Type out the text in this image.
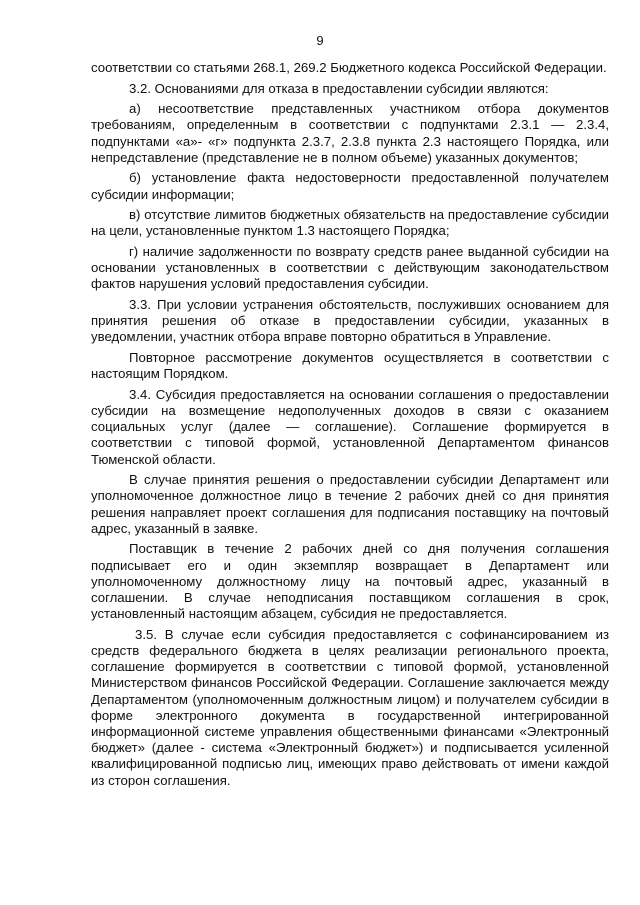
9

соответствии со статьями 268.1, 269.2 Бюджетного кодекса Российской Федерации.

3.2. Основаниями для отказа в предоставлении субсидии являются:

а) несоответствие представленных участником отбора документов требованиям, определенным в соответствии с подпунктами 2.3.1 — 2.3.4, подпунктами «а»- «г» подпункта 2.3.7, 2.3.8 пункта 2.3 настоящего Порядка, или непредставление (представление не в полном объеме) указанных документов;

б) установление факта недостоверности предоставленной получателем субсидии информации;

в) отсутствие лимитов бюджетных обязательств на предоставление субсидии на цели, установленные пунктом 1.3 настоящего Порядка;

г) наличие задолженности по возврату средств ранее выданной субсидии на основании установленных в соответствии с действующим законодательством фактов нарушения условий предоставления субсидии.

3.3. При условии устранения обстоятельств, послуживших основанием для принятия решения об отказе в предоставлении субсидии, указанных в уведомлении, участник отбора вправе повторно обратиться в Управление.

Повторное рассмотрение документов осуществляется в соответствии с настоящим Порядком.

3.4. Субсидия предоставляется на основании соглашения о предоставлении субсидии на возмещение недополученных доходов в связи с оказанием социальных услуг (далее — соглашение). Соглашение формируется в соответствии с типовой формой, установленной Департаментом финансов Тюменской области.

В случае принятия решения о предоставлении субсидии Департамент или уполномоченное должностное лицо в течение 2 рабочих дней со дня принятия решения направляет проект соглашения для подписания поставщику на почтовый адрес, указанный в заявке.

Поставщик в течение 2 рабочих дней со дня получения соглашения подписывает его и один экземпляр возвращает в Департамент или уполномоченному должностному лицу на почтовый адрес, указанный в соглашении. В случае неподписания поставщиком соглашения в срок, установленный настоящим абзацем, субсидия не предоставляется.

3.5. В случае если субсидия предоставляется с софинансированием из средств федерального бюджета в целях реализации регионального проекта, соглашение формируется в соответствии с типовой формой, установленной Министерством финансов Российской Федерации. Соглашение заключается между Департаментом (уполномоченным должностным лицом) и получателем субсидии в форме электронного документа в государственной интегрированной информационной системе управления общественными финансами «Электронный бюджет» (далее - система «Электронный бюджет») и подписывается усиленной квалифицированной подписью лиц, имеющих право действовать от имени каждой из сторон соглашения.
